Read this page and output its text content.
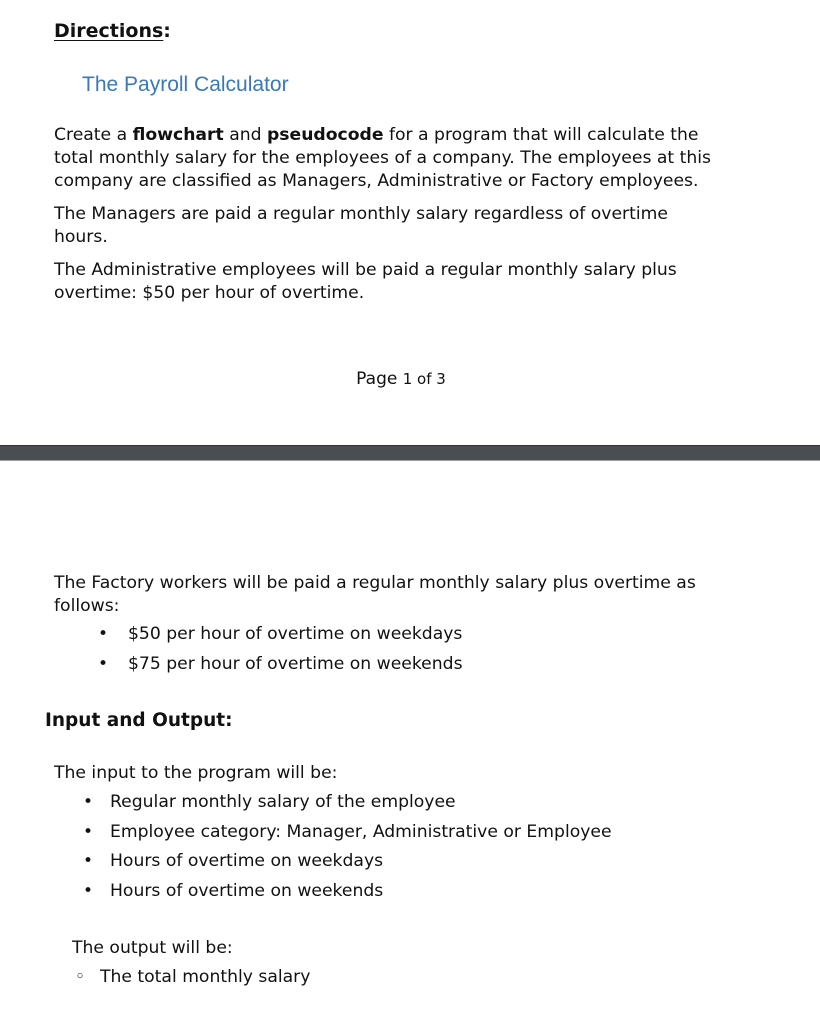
Directions:

The Payroll Calculator

Create a flowchart and pseudocode for a program that will calculate the
total monthly salary for the employees of a company. The employees at this
company are classified as Managers, Administrative or Factory employees.
The Managers are paid a regular monthly salary regardless of overtime
hours.
The Administrative employees will be paid a regular monthly salary plus
overtime: $50 per hour of overtime.

Page 1 of 3

The Factory workers will be paid a regular monthly salary plus overtime as
follows:
• $50 per hour of overtime on weekdays
• $75 per hour of overtime on weekends

Input and Output:

The input to the program will be:
• Regular monthly salary of the employee
• Employee category: Manager, Administrative or Employee
• Hours of overtime on weekdays
• Hours of overtime on weekends
The output will be:
◦ The total monthly salary
